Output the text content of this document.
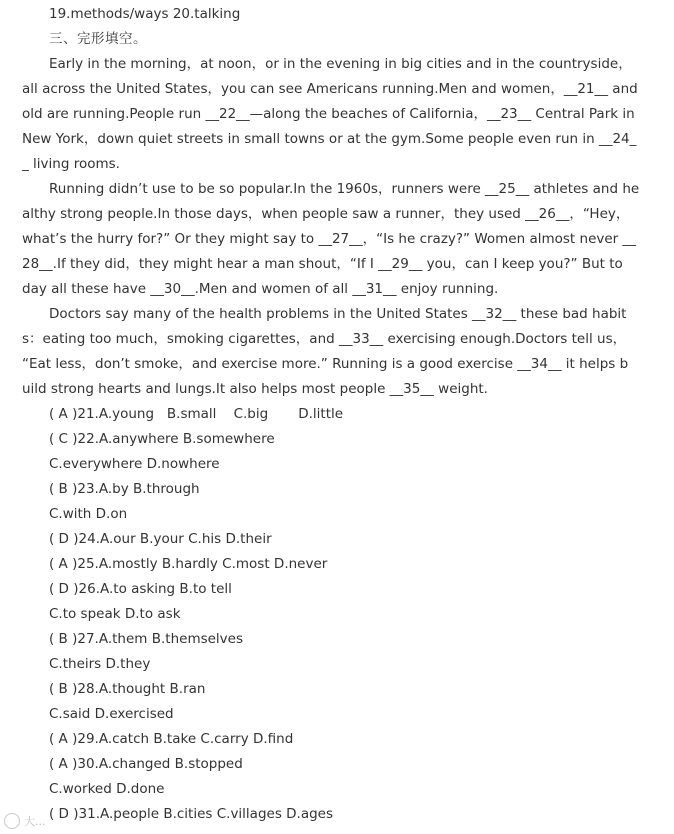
19.methods/ways 20.talking
三、完形填空。
Early in the morning，at noon，or in the evening in big cities and in the countryside，
all across the United States，you can see Americans running.Men and women，__21__ and
old are running.People run __22__—along the beaches of California，__23__ Central Park in
New York，down quiet streets in small towns or at the gym.Some people even run in __24_
_ living rooms.
Running didn’t use to be so popular.In the 1960s，runners were __25__ athletes and he
althy strong people.In those days，when people saw a runner，they used __26__，“Hey，
what’s the hurry for?” Or they might say to __27__，“Is he crazy?” Women almost never __
28__.If they did，they might hear a man shout，“If I __29__ you，can I keep you?” But to
day all these have __30__.Men and women of all __31__ enjoy running.
Doctors say many of the health problems in the United States __32__ these bad habit
s：eating too much，smoking cigarettes，and __33__ exercising enough.Doctors tell us，
“Eat less，don’t smoke，and exercise more.” Running is a good exercise __34__ it helps b
uild strong hearts and lungs.It also helps most people __35__ weight.
( A )21.A.young   B.small    C.big       D.little
( C )22.A.anywhere B.somewhere
C.everywhere D.nowhere
( B )23.A.by B.through
C.with D.on
( D )24.A.our B.your C.his D.their
( A )25.A.mostly B.hardly C.most D.never
( D )26.A.to asking B.to tell
C.to speak D.to ask
( B )27.A.them B.themselves
C.theirs D.they
( B )28.A.thought B.ran
C.said D.exercised
( A )29.A.catch B.take C.carry D.find
( A )30.A.changed B.stopped
C.worked D.done
( D )31.A.people B.cities C.villages D.ages
大...
